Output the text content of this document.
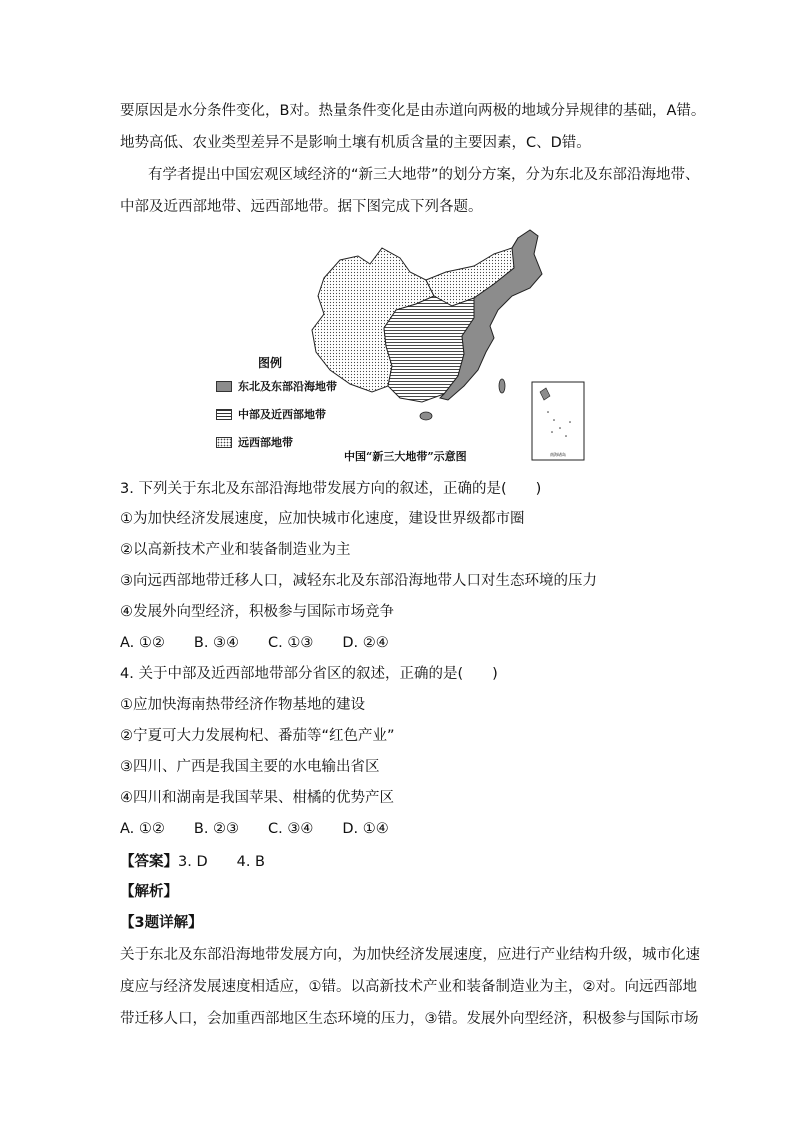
要原因是水分条件变化，B对。热量条件变化是由赤道向两极的地域分异规律的基础，A错。
地势高低、农业类型差异不是影响土壤有机质含量的主要因素，C、D错。
有学者提出中国宏观区域经济的“新三大地带”的划分方案，分为东北及东部沿海地带、
中部及近西部地带、远西部地带。据下图完成下列各题。
南海诸岛
图例
东北及东部沿海地带
中部及近西部地带
远西部地带
中国“新三大地带”示意图
3. 下列关于东北及东部沿海地带发展方向的叙述，正确的是(　　)
①为加快经济发展速度，应加快城市化速度，建设世界级都市圈
②以高新技术产业和装备制造业为主
③向远西部地带迁移人口，减轻东北及东部沿海地带人口对生态环境的压力
④发展外向型经济，积极参与国际市场竞争
A. ①②　　B. ③④　　C. ①③　　D. ②④
4. 关于中部及近西部地带部分省区的叙述，正确的是(　　)
①应加快海南热带经济作物基地的建设
②宁夏可大力发展枸杞、番茄等“红色产业”
③四川、广西是我国主要的水电输出省区
④四川和湖南是我国苹果、柑橘的优势产区
A. ①②　　B. ②③　　C. ③④　　D. ①④
【答案】3. D　　4. B
【解析】
【3题详解】
关于东北及东部沿海地带发展方向，为加快经济发展速度，应进行产业结构升级，城市化速
度应与经济发展速度相适应，①错。以高新技术产业和装备制造业为主，②对。向远西部地
带迁移人口，会加重西部地区生态环境的压力，③错。发展外向型经济，积极参与国际市场
